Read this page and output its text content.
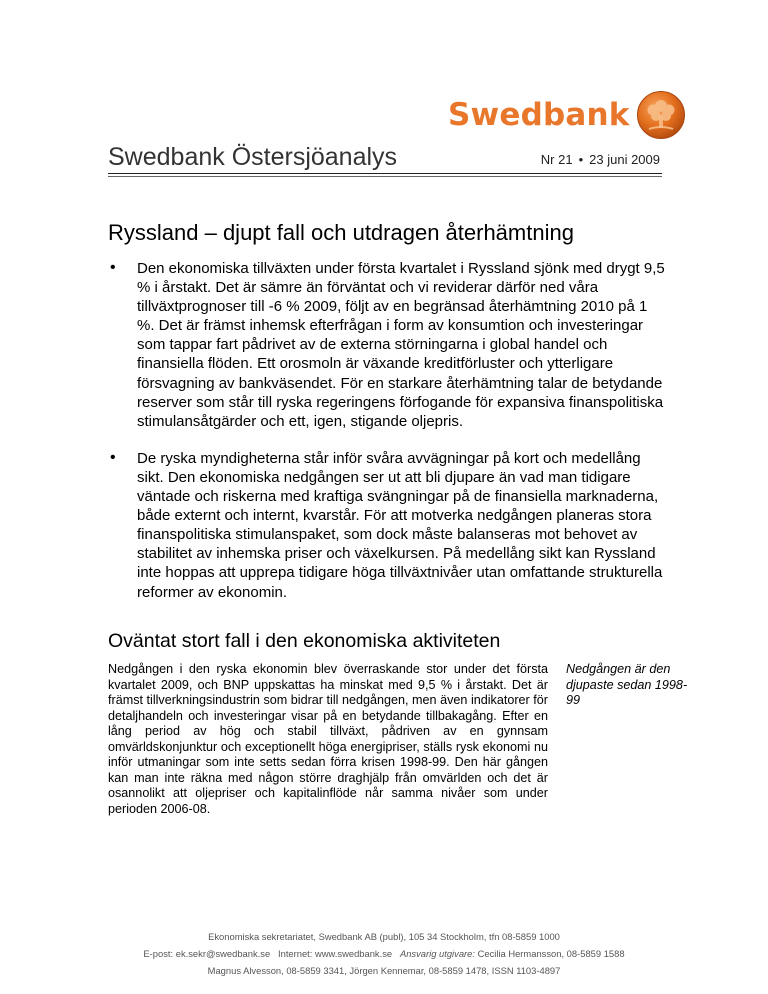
Swedbank
Swedbank Östersjöanalys	Nr 21 • 23 juni 2009
Ryssland – djupt fall och utdragen återhämtning
• Den ekonomiska tillväxten under första kvartalet i Ryssland sjönk med drygt 9,5 % i årstakt. Det är sämre än förväntat och vi reviderar därför ned våra tillväxtprognoser till -6 % 2009, följt av en begränsad återhämtning 2010 på 1 %. Det är främst inhemsk efterfrågan i form av konsumtion och investeringar som tappar fart pådrivet av de externa störningarna i global handel och finansiella flöden. Ett orosmoln är växande kreditförluster och ytterligare försvagning av bankväsendet. För en starkare återhämtning talar de betydande reserver som står till ryska regeringens förfogande för expansiva finanspolitiska stimulansåtgärder och ett, igen, stigande oljepris.
• De ryska myndigheterna står inför svåra avvägningar på kort och medellång sikt. Den ekonomiska nedgången ser ut att bli djupare än vad man tidigare väntade och riskerna med kraftiga svängningar på de finansiella marknaderna, både externt och internt, kvarstår. För att motverka nedgången planeras stora finanspolitiska stimulanspaket, som dock måste balanseras mot behovet av stabilitet av inhemska priser och växelkursen. På medellång sikt kan Ryssland inte hoppas att upprepa tidigare höga tillväxtnivåer utan omfattande strukturella reformer av ekonomin.
Oväntat stort fall i den ekonomiska aktiviteten

Nedgången i den ryska ekonomin blev överraskande stor under det första kvartalet 2009, och BNP uppskattas ha minskat med 9,5 % i årstakt. Det är främst tillverkningsindustrin som bidrar till nedgången, men även indikatorer för detaljhandeln och investeringar visar på en betydande tillbakagång. Efter en lång period av hög och stabil tillväxt, pådriven av en gynnsam omvärldskonjunktur och exceptionellt höga energipriser, ställs rysk ekonomi nu inför utmaningar som inte setts sedan förra krisen 1998-99. Den här gången kan man inte räkna med någon större draghjälp från omvärlden och det är osannolikt att oljepriser och kapitalinflöde når samma nivåer som under perioden 2006-08.

Nedgången är den djupaste sedan 1998-99

Ekonomiska sekretariatet, Swedbank AB (publ), 105 34 Stockholm, tfn 08-5859 1000
E-post: ek.sekr@swedbank.se   Internet: www.swedbank.se   Ansvarig utgivare: Cecilia Hermansson, 08-5859 1588
Magnus Alvesson, 08-5859 3341, Jörgen Kennemar, 08-5859 1478, ISSN 1103-4897
